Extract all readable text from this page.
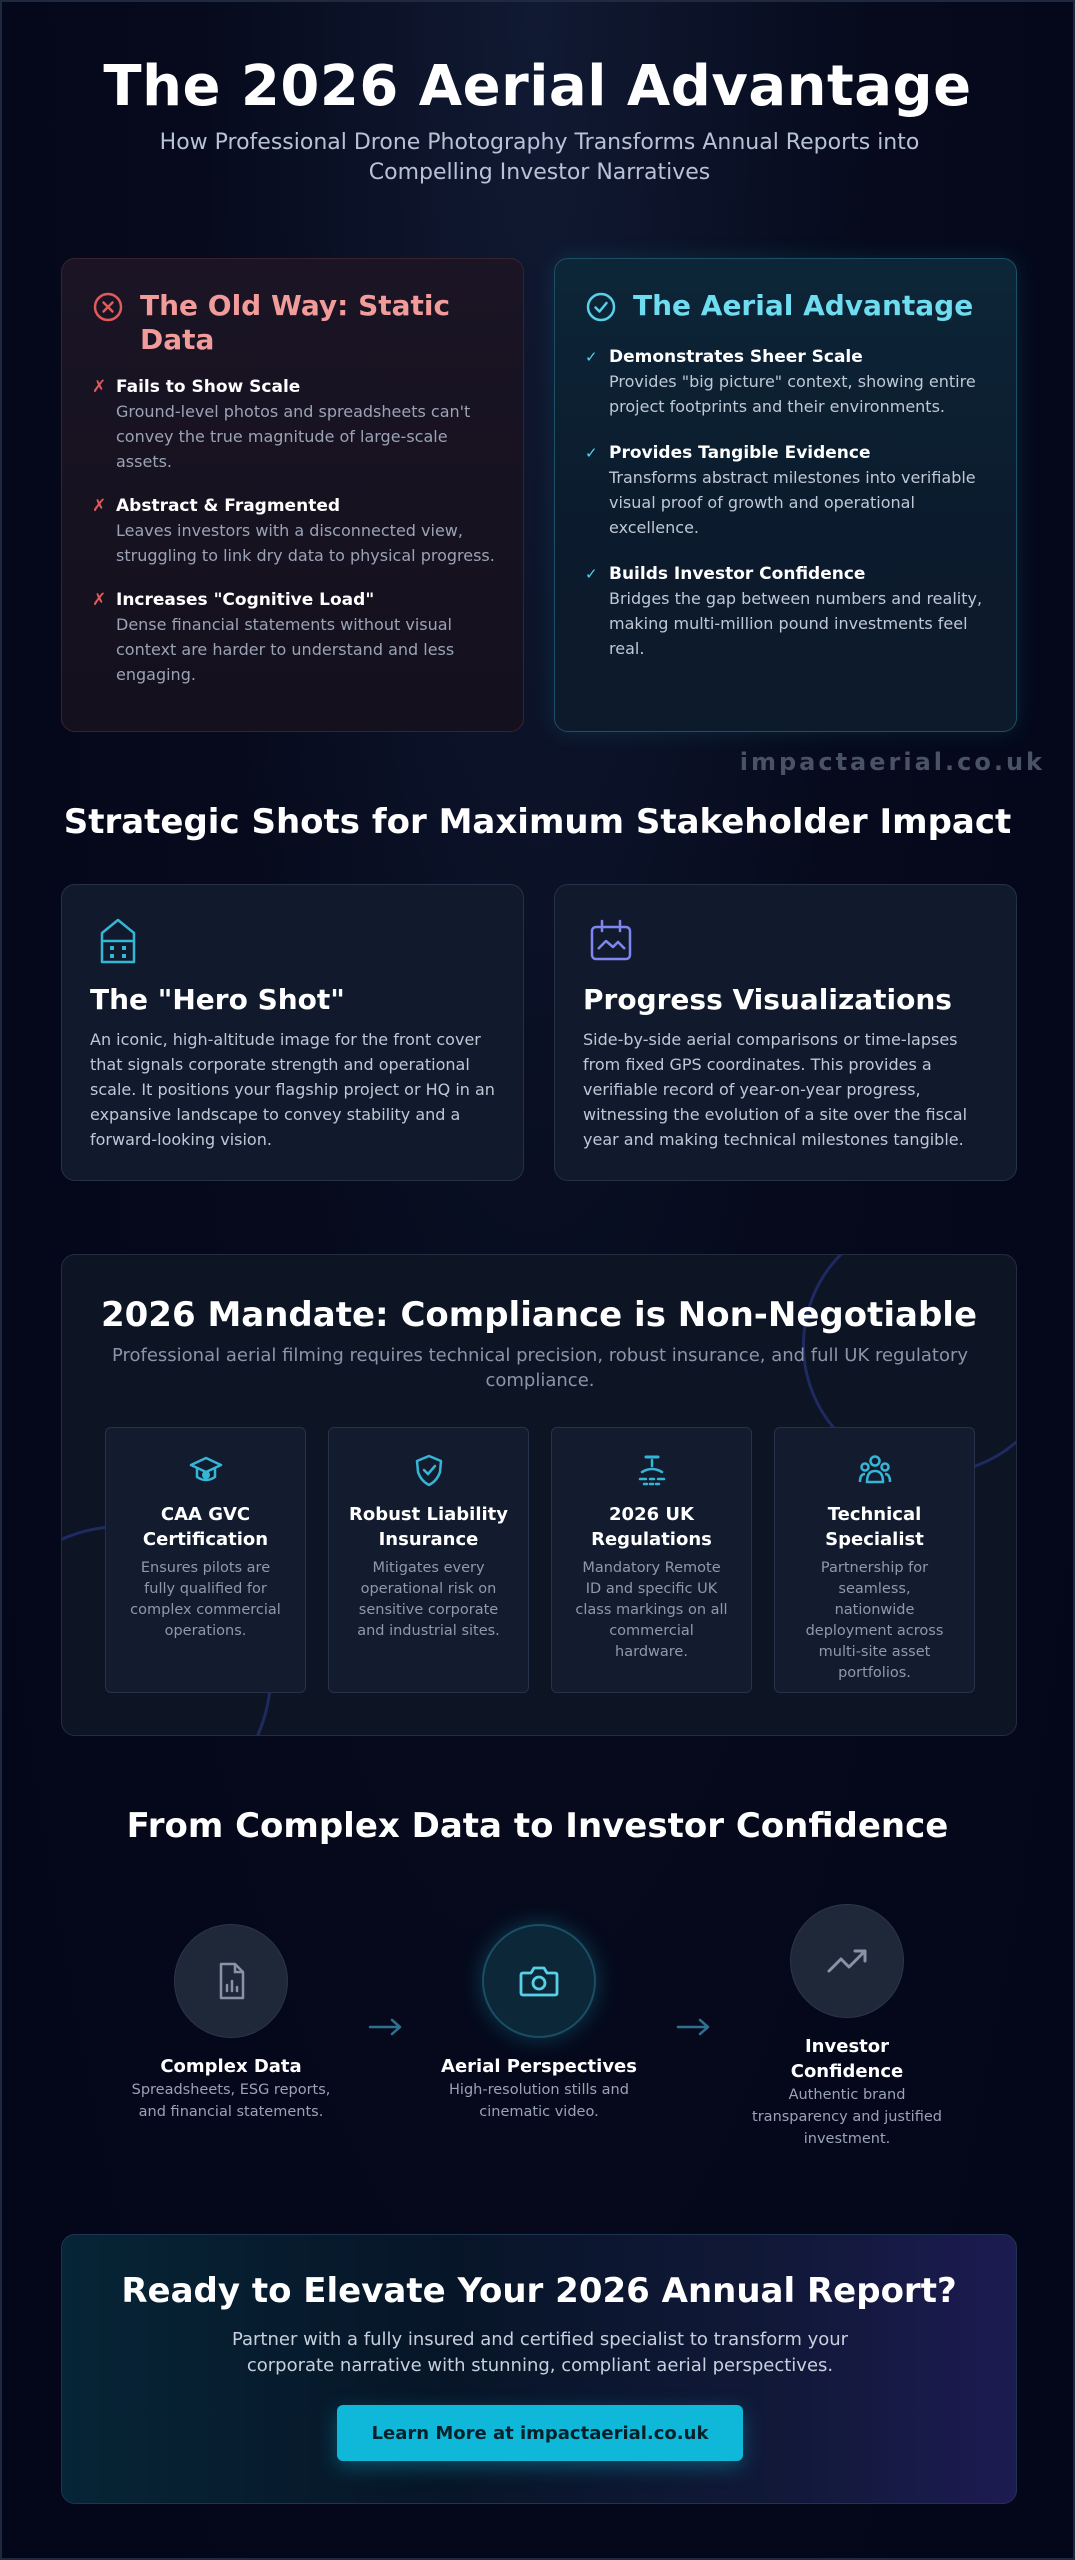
The 2026 Aerial Advantage
How Professional Drone Photography Transforms Annual Reports into Compelling Investor Narratives
The Old Way: Static Data
✗ Fails to Show Scale
Ground-level photos and spreadsheets can't convey the true magnitude of large-scale assets.
✗ Abstract & Fragmented
Leaves investors with a disconnected view, struggling to link dry data to physical progress.
✗ Increases "Cognitive Load"
Dense financial statements without visual context are harder to understand and less engaging.
The Aerial Advantage
✓ Demonstrates Sheer Scale
Provides "big picture" context, showing entire project footprints and their environments.
✓ Provides Tangible Evidence
Transforms abstract milestones into verifiable visual proof of growth and operational excellence.
✓ Builds Investor Confidence
Bridges the gap between numbers and reality, making multi-million pound investments feel real.
impactaerial.co.uk
Strategic Shots for Maximum Stakeholder Impact
The "Hero Shot"

An iconic, high-altitude image for the front cover that signals corporate strength and operational scale. It positions your flagship project or HQ in an expansive landscape to convey stability and a forward-looking vision.

Progress Visualizations

Side-by-side aerial comparisons or time-lapses from fixed GPS coordinates. This provides a verifiable record of year-on-year progress, witnessing the evolution of a site over the fiscal year and making technical milestones tangible.

2026 Mandate: Compliance is Non-Negotiable
Professional aerial filming requires technical precision, robust insurance, and full UK regulatory compliance.
CAA GVC Certification
Ensures pilots are fully qualified for complex commercial operations.
Robust Liability Insurance
Mitigates every operational risk on sensitive corporate and industrial sites.
2026 UK Regulations
Mandatory Remote ID and specific UK class markings on all commercial hardware.
Technical Specialist
Partnership for seamless, nationwide deployment across multi-site asset portfolios.
From Complex Data to Investor Confidence
Complex Data
Spreadsheets, ESG reports, and financial statements.
Aerial Perspectives
High-resolution stills and cinematic video.
Investor Confidence
Authentic brand transparency and justified investment.
Ready to Elevate Your 2026 Annual Report?

Partner with a fully insured and certified specialist to transform your corporate narrative with stunning, compliant aerial perspectives.

Learn More at impactaerial.co.uk
